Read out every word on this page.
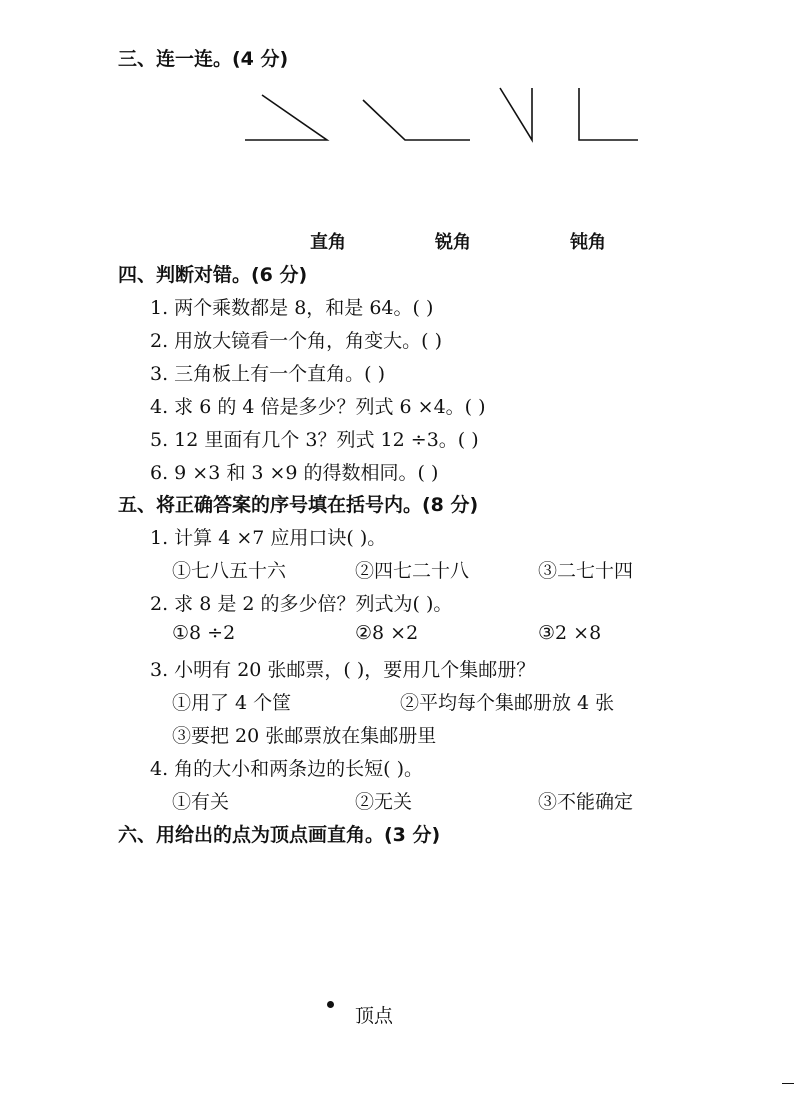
三、连一连。(4 分)
直角	锐角	钝角
四、判断对错。(6 分)
1. 两个乘数都是 8，和是 64。( )
2. 用放大镜看一个角，角变大。( )
3. 三角板上有一个直角。( )
4. 求 6 的 4 倍是多少？列式 6 ×4。( )
5. 12 里面有几个 3？列式 12 ÷3。( )
6. 9 ×3 和 3 ×9 的得数相同。( )
五、将正确答案的序号填在括号内。(8 分)
1. 计算 4 ×7 应用口诀( )。
①七八五十六	②四七二十八	③二七十四
2. 求 8 是 2 的多少倍？列式为( )。
①8 ÷2	②8 ×2	③2 ×8
3. 小明有 20 张邮票，( )，要用几个集邮册？
①用了 4 个筐	②平均每个集邮册放 4 张
③要把 20 张邮票放在集邮册里
4. 角的大小和两条边的长短( )。
①有关	②无关	③不能确定
六、用给出的点为顶点画直角。(3 分)
顶点
